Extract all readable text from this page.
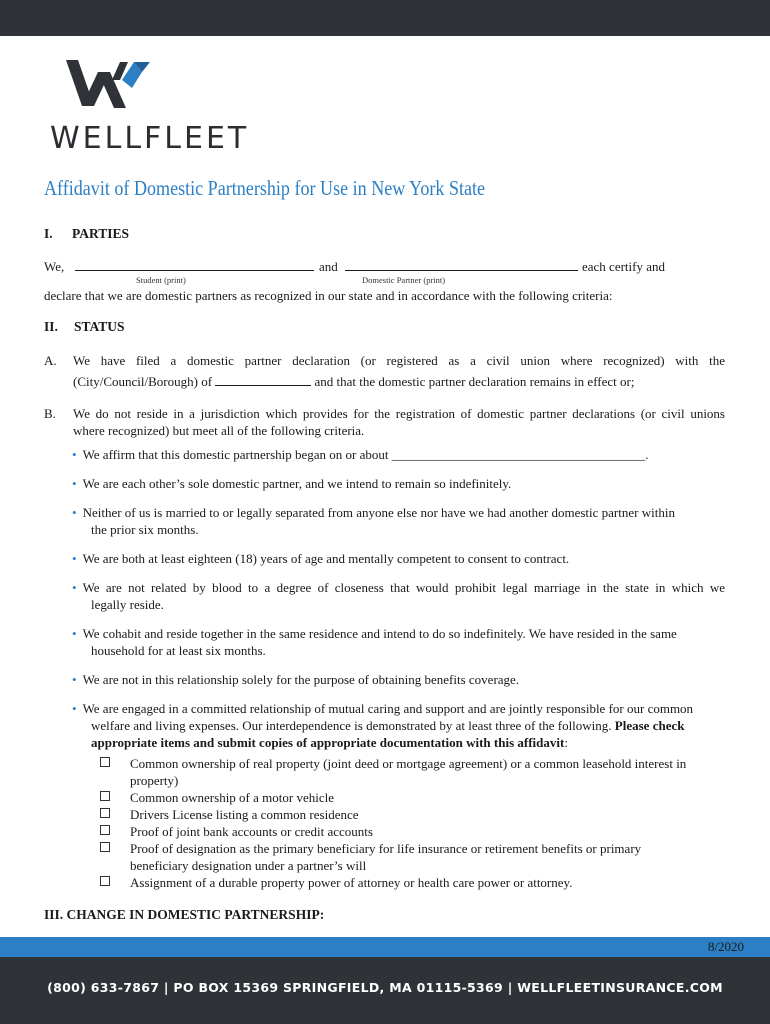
WELLFLEET
Affidavit of Domestic Partnership for Use in New York State
I. PARTIES
We,	and	each certify and
Student (print)	Domestic Partner (print)
declare that we are domestic partners as recognized in our state and in accordance with the following criteria:
II. STATUS
A. We have filed a domestic partner declaration (or registered as a civil union where recognized) with the
(City/Council/Borough) of	and that the domestic partner declaration remains in effect or;
B. We do not reside in a jurisdiction which provides for the registration of domestic partner declarations (or civil unions
where recognized) but meet all of the following criteria.
• We affirm that this domestic partnership began on or about _______________________________________.
• We are each other’s sole domestic partner, and we intend to remain so indefinitely.
• Neither of us is married to or legally separated from anyone else nor have we had another domestic partner within
the prior six months.
• We are both at least eighteen (18) years of age and mentally competent to consent to contract.
• We are not related by blood to a degree of closeness that would prohibit legal marriage in the state in which we
legally reside.
• We cohabit and reside together in the same residence and intend to do so indefinitely. We have resided in the same
household for at least six months.
• We are not in this relationship solely for the purpose of obtaining benefits coverage.
• We are engaged in a committed relationship of mutual caring and support and are jointly responsible for our common
welfare and living expenses. Our interdependence is demonstrated by at least three of the following. Please check
appropriate items and submit copies of appropriate documentation with this affidavit:
Common ownership of real property (joint deed or mortgage agreement) or a common leasehold interest in
property)
Common ownership of a motor vehicle
Drivers License listing a common residence
Proof of joint bank accounts or credit accounts
Proof of designation as the primary beneficiary for life insurance or retirement benefits or primary
beneficiary designation under a partner’s will
Assignment of a durable property power of attorney or health care power or attorney.
III. CHANGE IN DOMESTIC PARTNERSHIP:
8/2020
(800) 633-7867 | PO BOX 15369 SPRINGFIELD, MA 01115-5369 | WELLFLEETINSURANCE.COM
